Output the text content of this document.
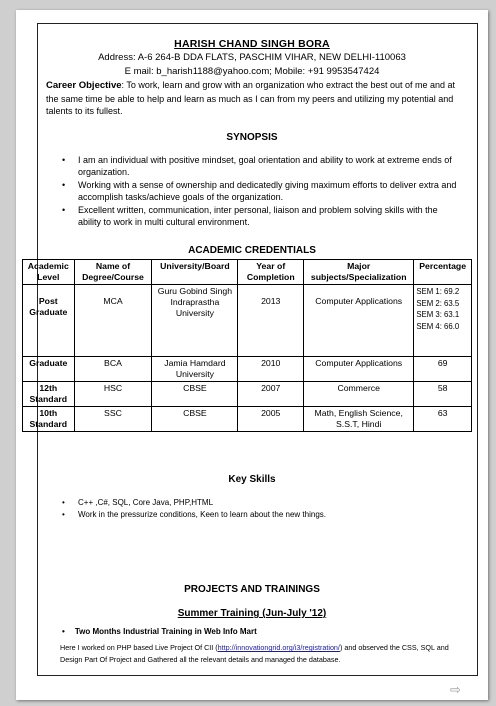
HARISH CHAND SINGH BORA
Address: A-6 264-B DDA FLATS, PASCHIM VIHAR, NEW DELHI-110063
E mail: b_harish1188@yahoo.com; Mobile: +91 9953547424
Career Objective: To work, learn and grow with an organization who extract the best out of me and at the same time be able to help and learn as much as I can from my peers and utilizing my potential and talents to its fullest.
SYNOPSIS
• I am an individual with positive mindset, goal orientation and ability to work at extreme ends of organization.
• Working with a sense of ownership and dedicatedly giving maximum efforts to deliver extra and accomplish tasks/achieve goals of the organization.
• Excellent written, communication, inter personal, liaison and problem solving skills with the ability to work in multi cultural environment.
ACADEMIC CREDENTIALS
Academic Level	Name of Degree/Course	University/Board	Year of Completion	Major subjects/Specialization	Percentage
Post Graduate	MCA	Guru Gobind Singh Indraprastha University	2013	Computer Applications	SEM 1: 69.2
SEM 2: 63.5
SEM 3: 63.1
SEM 4: 66.0

Graduate	BCA	Jamia Hamdard University	2010	Computer Applications	69
12th Standard	HSC	CBSE	2007	Commerce	58
10th Standard	SSC	CBSE	2005	Math, English Science, S.S.T, Hindi	63
Key Skills
• C++ ,C#, SQL, Core Java, PHP,HTML
• Work in the pressurize conditions, Keen to learn about the new things.
PROJECTS AND TRAININGS
Summer Training (Jun-July '12)
• Two Months Industrial Training in Web Info Mart
Here I worked on PHP based Live Project Of CII (http://innovationgrid.org/i3/registration/) and observed the CSS, SQL and Design Part Of Project and Gathered all the relevant details and managed the database.
⇨
